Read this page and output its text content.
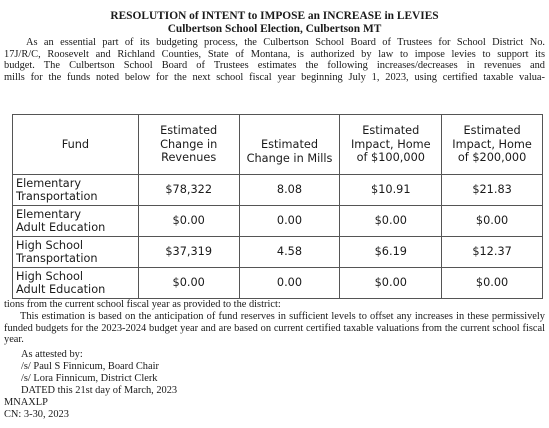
RESOLUTION of INTENT to IMPOSE an INCREASE in LEVIES
Culbertson School Election, Culbertson MT
As an essential part of its budgeting process, the Culbertson School Board of Trustees for School District No.
17J/R/C, Roosevelt and Richland Counties, State of Montana, is authorized by law to impose levies to support its
budget. The Culbertson School Board of Trustees estimates the following increases/decreases in revenues and
mills for the funds noted below for the next school fiscal year beginning July 1, 2023, using certified taxable valua-
Fund	Estimated
Change in
Revenues	Estimated
Change in Mills	Estimated
Impact, Home
of $100,000	Estimated
Impact, Home
of $200,000

Elementary
Transportation	$78,322	8.08	$10.91	$21.83

Elementary
Adult Education	$0.00	0.00	$0.00	$0.00

High School
Transportation	$37,319	4.58	$6.19	$12.37

High School
Adult Education	$0.00	0.00	$0.00	$0.00
tions from the current school fiscal year as provided to the district:
This estimation is based on the anticipation of fund reserves in sufficient levels to offset any increases in these permissively funded budgets for the 2023-2024 budget year and are based on current certified taxable valuations from the current school fiscal year.
As attested by:
/s/ Paul S Finnicum, Board Chair
/s/ Lora Finnicum, District Clerk
DATED this 21st day of March, 2023
MNAXLP
CN: 3-30, 2023
